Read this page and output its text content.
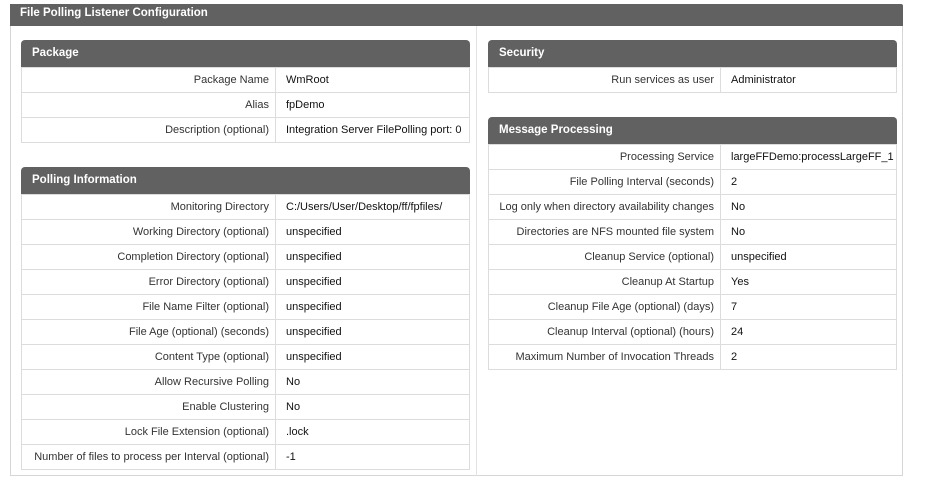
File Polling Listener Configuration
Package
Package Name	WmRoot
Alias	fpDemo
Description (optional)	Integration Server FilePolling port: 0
Polling Information
Monitoring Directory	C:/Users/User/Desktop/ff/fpfiles/
Working Directory (optional)	unspecified
Completion Directory (optional)	unspecified
Error Directory (optional)	unspecified
File Name Filter (optional)	unspecified
File Age (optional) (seconds)	unspecified
Content Type (optional)	unspecified
Allow Recursive Polling	No
Enable Clustering	No
Lock File Extension (optional)	.lock
Number of files to process per Interval (optional)	-1
Security
Run services as user	Administrator
Message Processing
Processing Service	largeFFDemo:processLargeFF_1
File Polling Interval (seconds)	2
Log only when directory availability changes	No
Directories are NFS mounted file system	No
Cleanup Service (optional)	unspecified
Cleanup At Startup	Yes
Cleanup File Age (optional) (days)	7
Cleanup Interval (optional) (hours)	24
Maximum Number of Invocation Threads	2
